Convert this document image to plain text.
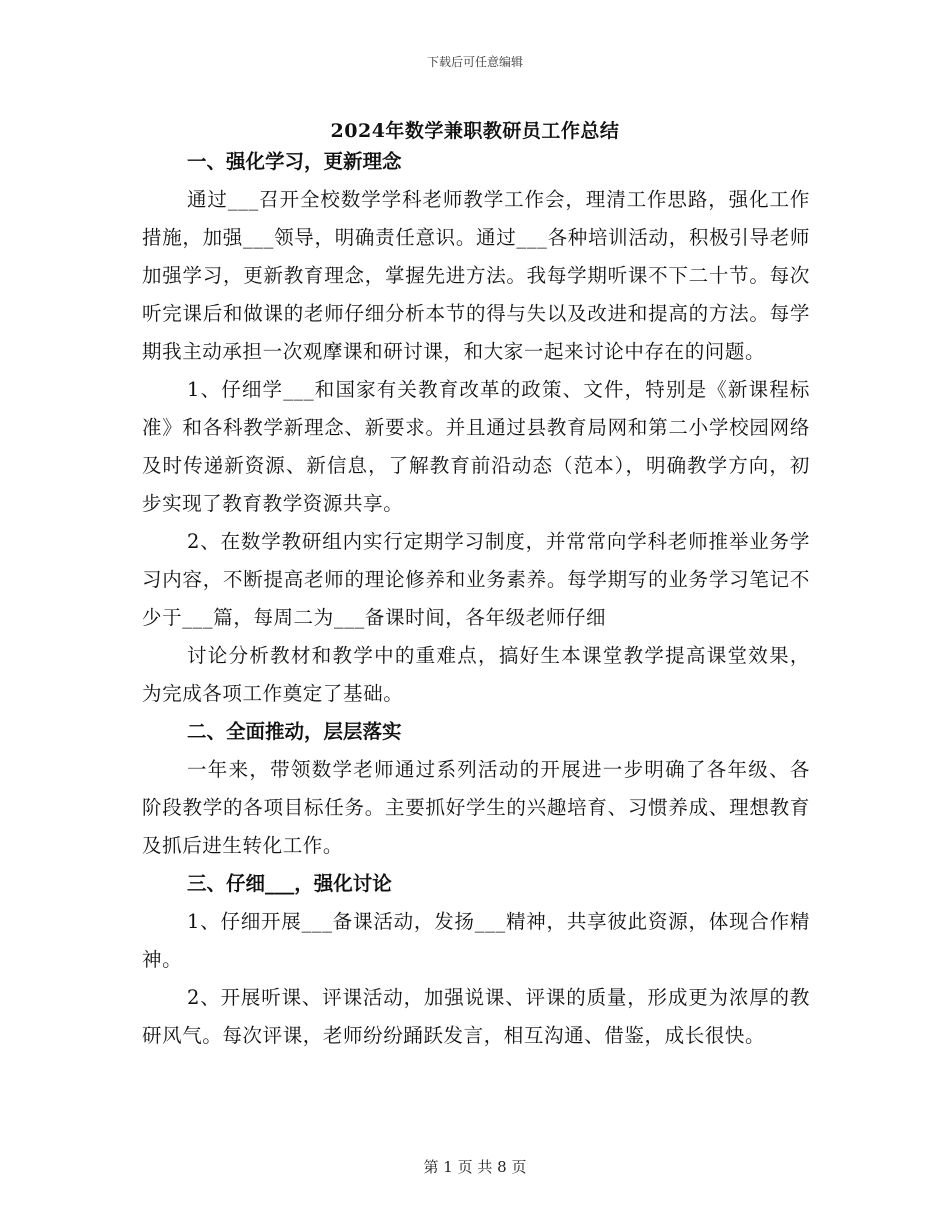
下载后可任意编辑
2024年数学兼职教研员工作总结

一、强化学习，更新理念

通过___召开全校数学学科老师教学工作会，理清工作思路，强化工作措施，加强___领导，明确责任意识。通过___各种培训活动，积极引导老师加强学习，更新教育理念，掌握先进方法。我每学期听课不下二十节。每次听完课后和做课的老师仔细分析本节的得与失以及改进和提高的方法。每学期我主动承担一次观摩课和研讨课，和大家一起来讨论中存在的问题。

1、仔细学___和国家有关教育改革的政策、文件，特别是《新课程标准》和各科教学新理念、新要求。并且通过县教育局网和第二小学校园网络及时传递新资源、新信息，了解教育前沿动态（范本），明确教学方向，初步实现了教育教学资源共享。

2、在数学教研组内实行定期学习制度，并常常向学科老师推举业务学习内容，不断提高老师的理论修养和业务素养。每学期写的业务学习笔记不少于___篇，每周二为___备课时间，各年级老师仔细

讨论分析教材和教学中的重难点，搞好生本课堂教学提高课堂效果，为完成各项工作奠定了基础。

二、全面推动，层层落实

一年来，带领数学老师通过系列活动的开展进一步明确了各年级、各阶段教学的各项目标任务。主要抓好学生的兴趣培育、习惯养成、理想教育及抓后进生转化工作。

三、仔细___，强化讨论

1、仔细开展___备课活动，发扬___精神，共享彼此资源，体现合作精神。

2、开展听课、评课活动，加强说课、评课的质量，形成更为浓厚的教研风气。每次评课，老师纷纷踊跃发言，相互沟通、借鉴，成长很快。

第 1 页 共 8 页
